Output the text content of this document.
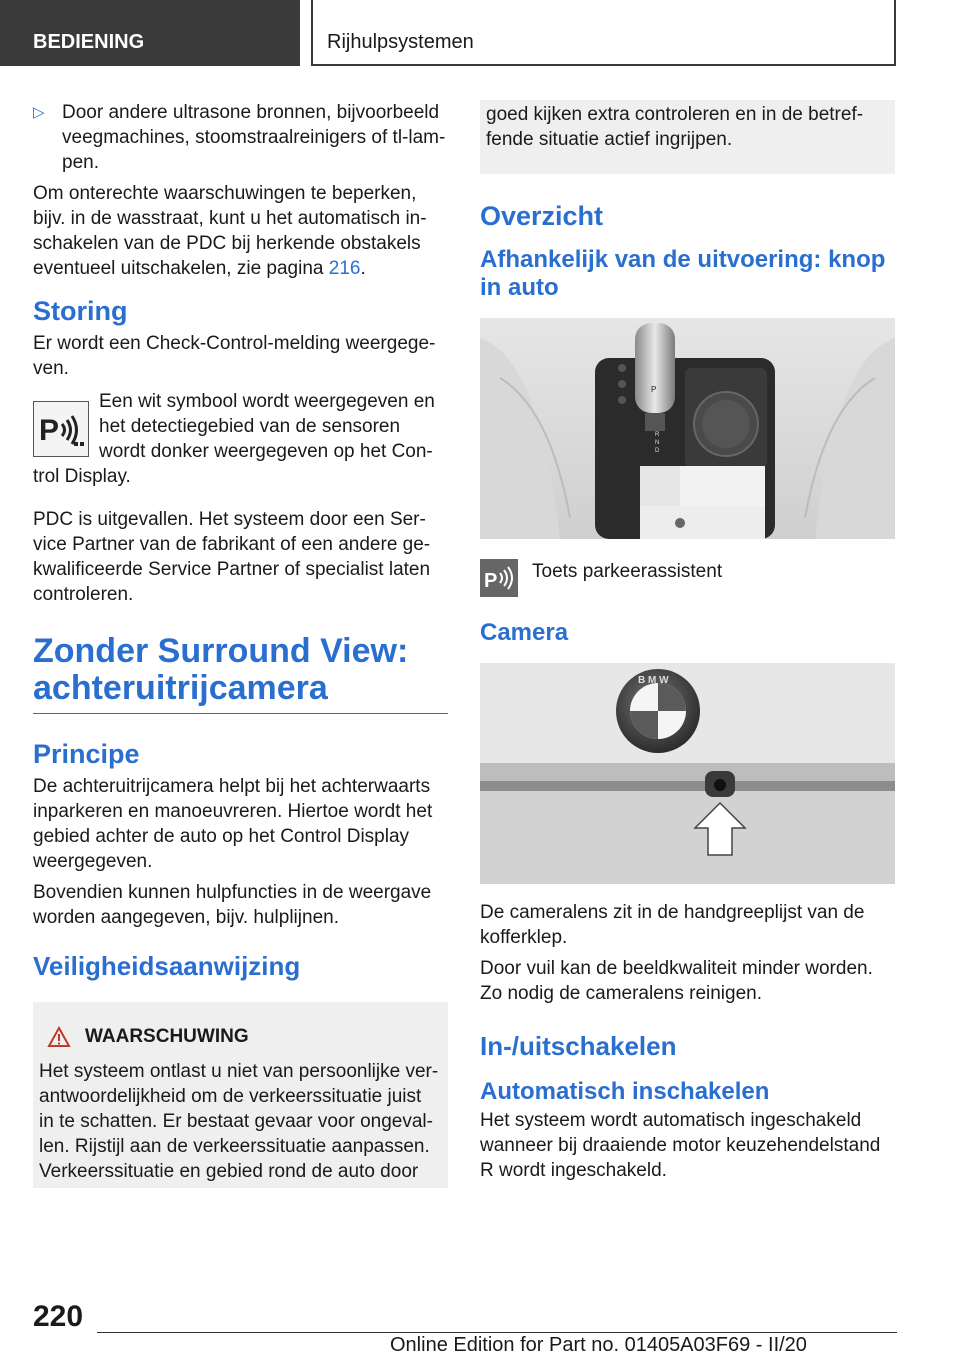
BEDIENING	Rijhulpsystemen
▷ Door andere ultrasone bronnen, bijvoorbeeld veegmachines, stoomstraalreinigers of tl-lam-pen.

Om onterechte waarschuwingen te beperken, bijv. in de wasstraat, kunt u het automatisch in-schakelen van de PDC bij herkende obstakels eventueel uitschakelen, zie pagina 216.

Storing

Er wordt een Check-Control-melding weergege-ven.

P

Een wit symbool wordt weergegeven en het detectiegebied van de sensoren wordt donker weergegeven op het Con-trol Display.

PDC is uitgevallen. Het systeem door een Ser-vice Partner van de fabrikant of een andere ge-kwalificeerde Service Partner of specialist laten controleren.

Zonder Surround View:
achteruitrijcamera
Principe

De achteruitrijcamera helpt bij het achterwaarts inparkeren en manoeuvreren. Hiertoe wordt het gebied achter de auto op het Control Display weergegeven.

Bovendien kunnen hulpfuncties in de weergave worden aangegeven, bijv. hulplijnen.

Veiligheidsaanwijzing
WAARSCHUWING

Het systeem ontlast u niet van persoonlijke ver-antwoordelijkheid om de verkeerssituatie juist in te schatten. Er bestaat gevaar voor ongeval-len. Rijstijl aan de verkeerssituatie aanpassen. Verkeerssituatie en gebied rond de auto door

goed kijken extra controleren en in de betref-fende situatie actief ingrijpen.

Overzicht
Afhankelijk van de uitvoering: knop in auto
P
R
N
D
P Toets parkeerassistent

Camera
B M W

De cameralens zit in de handgreeplijst van de kofferklep.

Door vuil kan de beeldkwaliteit minder worden. Zo nodig de cameralens reinigen.

In-/uitschakelen
Automatisch inschakelen

Het systeem wordt automatisch ingeschakeld wanneer bij draaiende motor keuzehendelstand R wordt ingeschakeld.

220
Online Edition for Part no. 01405A03F69 - II/20
